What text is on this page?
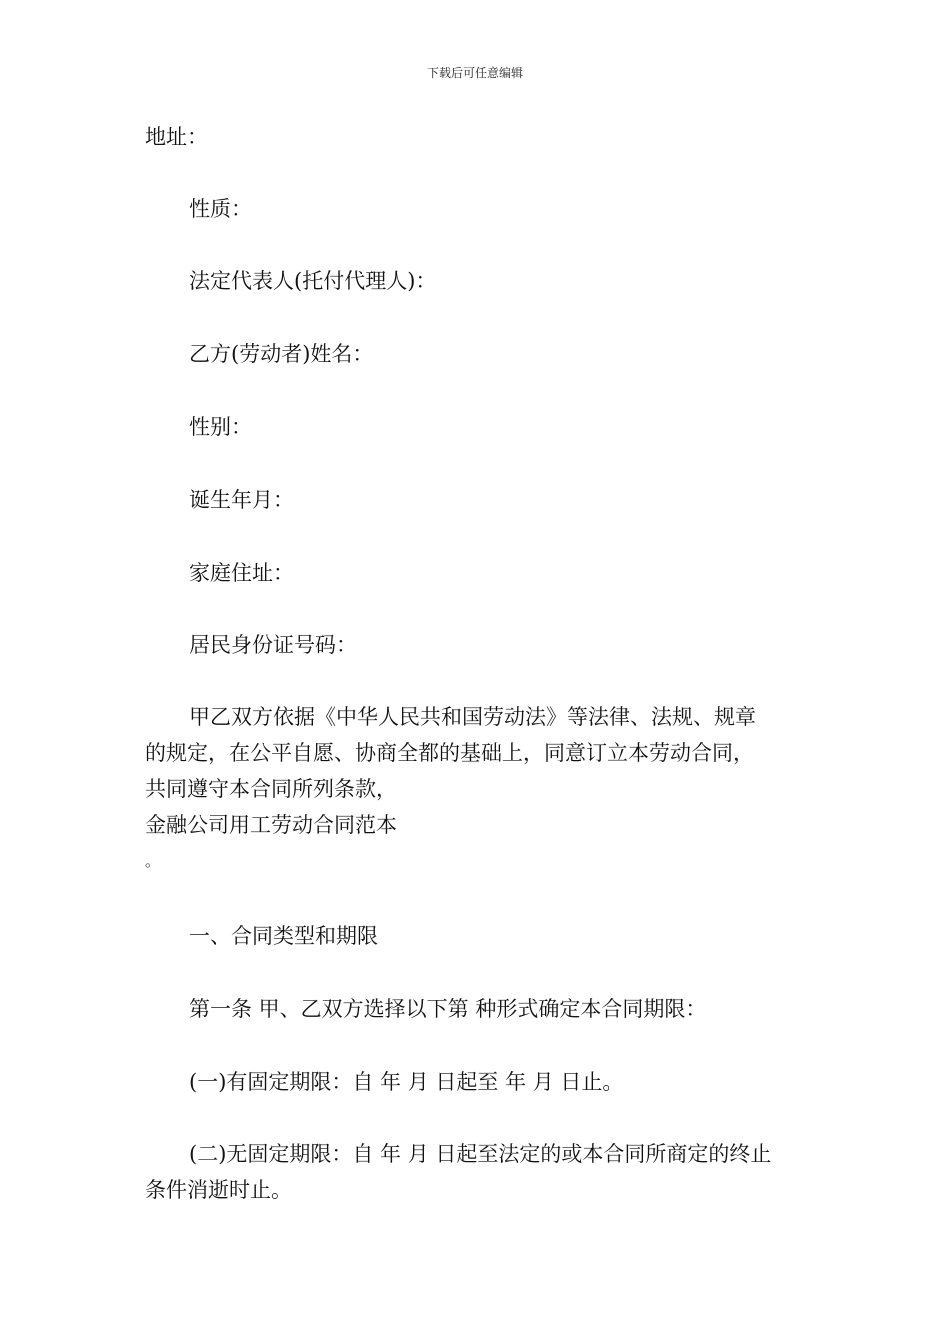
下载后可任意编辑
地址：
性质：
法定代表人(托付代理人)：
乙方(劳动者)姓名：
性别：
诞生年月：
家庭住址：
居民身份证号码：
甲乙双方依据《中华人民共和国劳动法》等法律、法规、规章
的规定，在公平自愿、协商全都的基础上，同意订立本劳动合同，
共同遵守本合同所列条款，
金融公司用工劳动合同范本
。
一、合同类型和期限
第一条 甲、乙双方选择以下第 种形式确定本合同期限：
(一)有固定期限：自 年 月 日起至 年 月 日止。
(二)无固定期限：自 年 月 日起至法定的或本合同所商定的终止
条件消逝时止。
